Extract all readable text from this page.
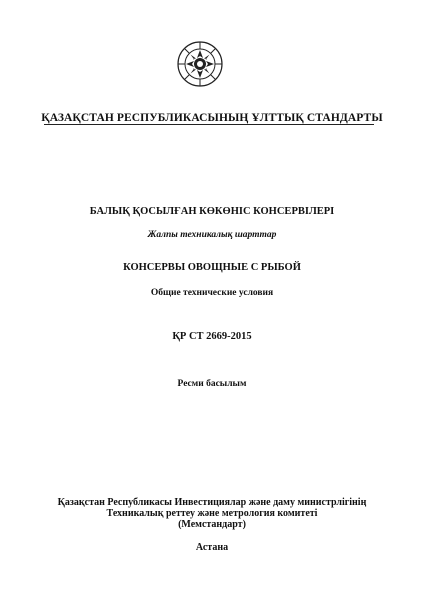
ҚАЗАҚСТАН РЕСПУБЛИКАСЫНЫҢ ҰЛТТЫҚ СТАНДАРТЫ
БАЛЫҚ ҚОСЫЛҒАН КӨКӨНІС КОНСЕРВІЛЕРІ
Жалпы техникалық шарттар
КОНСЕРВЫ ОВОЩНЫЕ С РЫБОЙ
Общие технические условия
ҚР СТ 2669-2015
Ресми басылым
Қазақстан Республикасы Инвестициялар және даму министрлігінің
Техникалық реттеу және метрология комитеті
(Мемстандарт)
Астана
